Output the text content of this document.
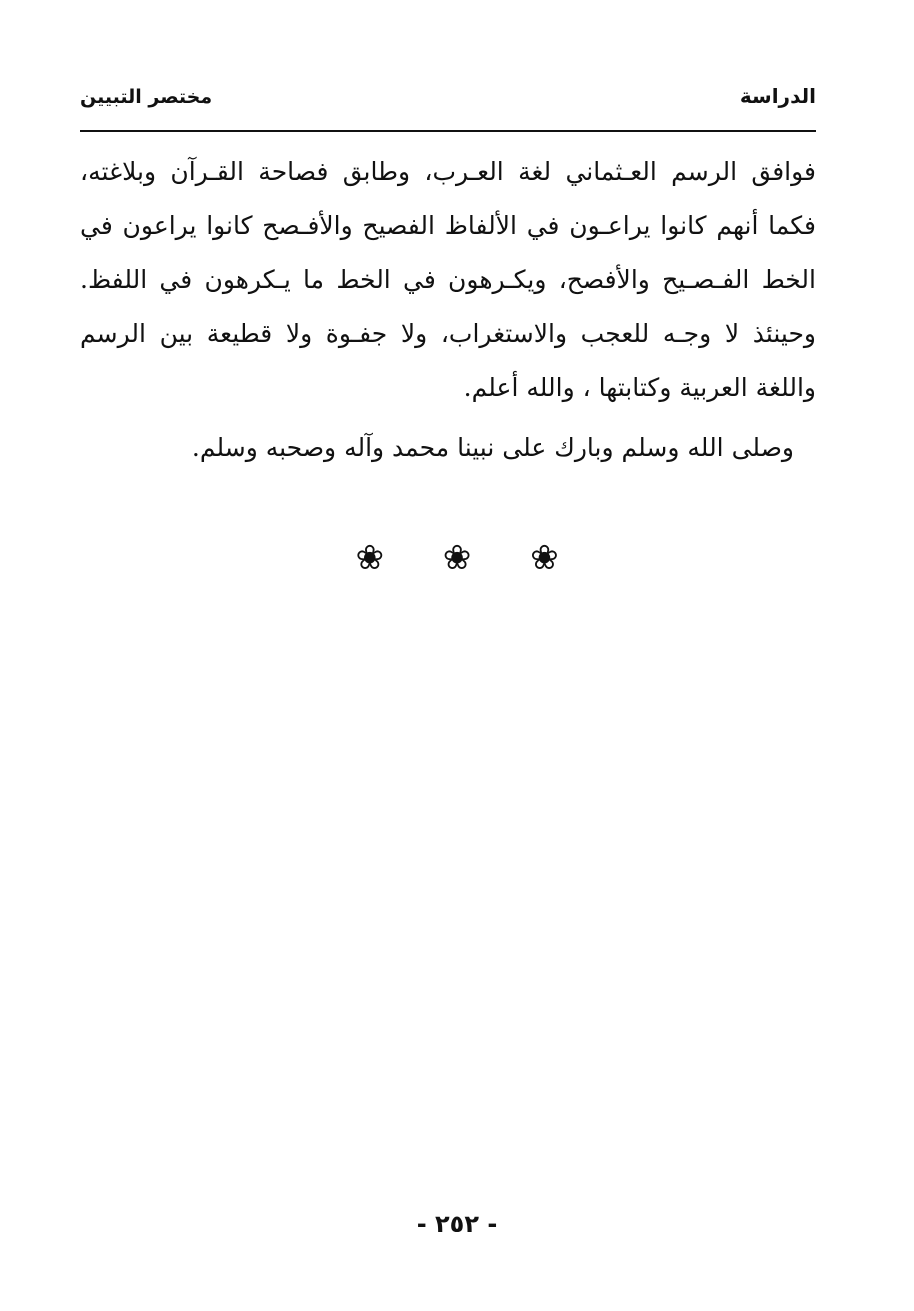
الدراسة
مختصر التبيين

فوافق الرسم العـثماني لغة العـرب، وطابق فصاحة القـرآن وبلاغته، فكما أنهم كانوا يراعـون في الألفاظ الفصيح والأفـصح كانوا يراعون في الخط الفـصـيح والأفصح، ويكـرهون في الخط ما يـكرهون في اللفظ. وحينئذ لا وجـه للعجب والاستغراب، ولا جفـوة ولا قطيعة بين الرسم واللغة العربية وكتابتها ، والله أعلم.

وصلى الله وسلم وبارك على نبينا محمد وآله وصحبه وسلم.

❀ ❀ ❀
- ٢٥٢ -
